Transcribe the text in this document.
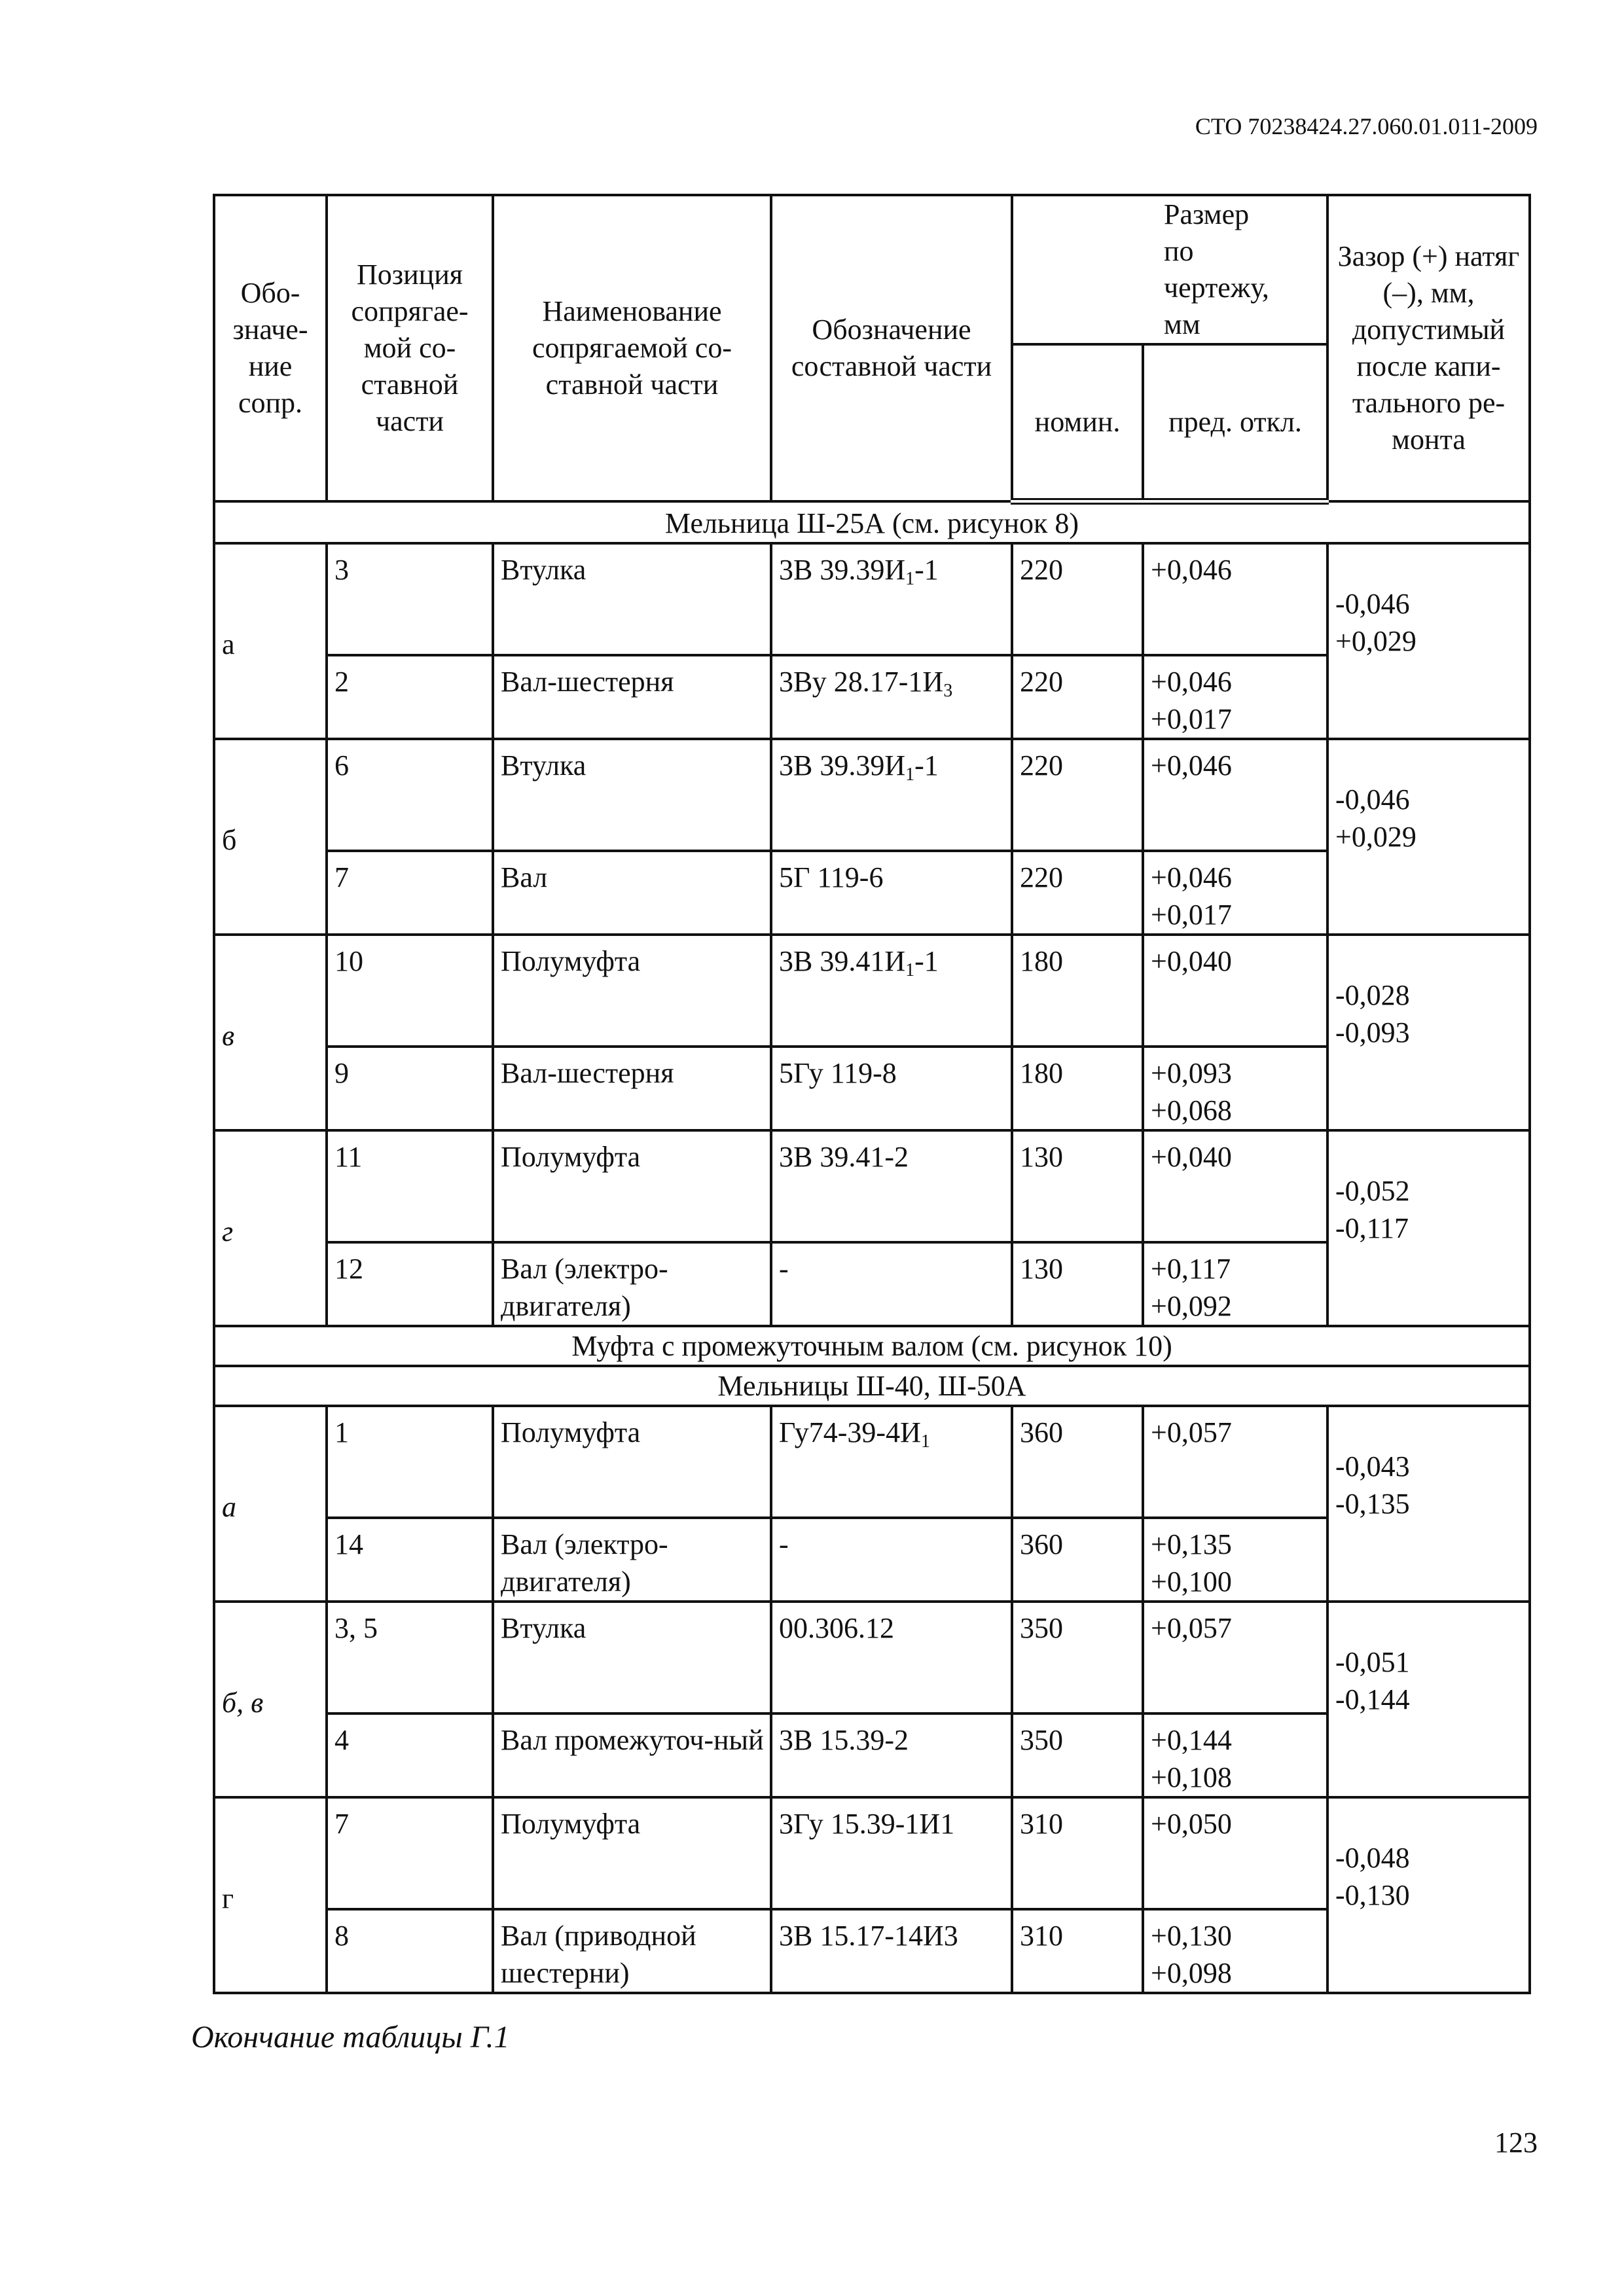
СТО 70238424.27.060.01.011-2009
Обо-значе-ние сопр.	Позиция сопрягае-мой со-ставной части	Наименование сопрягаемой со-ставной части	Обозначение составной части	Размер по чертежу, мм		Зазор (+) натяг (–), мм, допустимый после капи-тального ре-монта
				номин.	пред. откл.	
Мельница Ш-25А (см. рисунок 8)						
а	3	Втулка	3В 39.39И1-1	220	+0,046	-0,046
+0,029

	2	Вал-шестерня	3Ву 28.17-1И3	220	+0,046
+0,017	

б	6	Втулка	3В 39.39И1-1	220	+0,046	-0,046
+0,029

	7	Вал	5Г 119-6	220	+0,046
+0,017	

в	10	Полумуфта	3В 39.41И1-1	180	+0,040	-0,028
-0,093

	9	Вал-шестерня	5Гу 119-8	180	+0,093
+0,068	

г	11	Полумуфта	3В 39.41-2	130	+0,040	-0,052
-0,117

	12	Вал (электро-двигателя)	-	130	+0,117
+0,092	

Муфта с промежуточным валом (см. рисунок 10)						
Мельницы Ш-40, Ш-50А						
а	1	Полумуфта	Гу74-39-4И1	360	+0,057	-0,043
-0,135

	14	Вал (электро-двигателя)	-	360	+0,135
+0,100	

б, в	3, 5	Втулка	00.306.12	350	+0,057	-0,051
-0,144

	4	Вал промежуточ-ный	3В 15.39-2	350	+0,144
+0,108	

г	7	Полумуфта	3Гу 15.39-1И1	310	+0,050	-0,048
-0,130

	8	Вал (приводной шестерни)	3В 15.17-14И3	310	+0,130
+0,098	
Окончание таблицы Г.1
123
